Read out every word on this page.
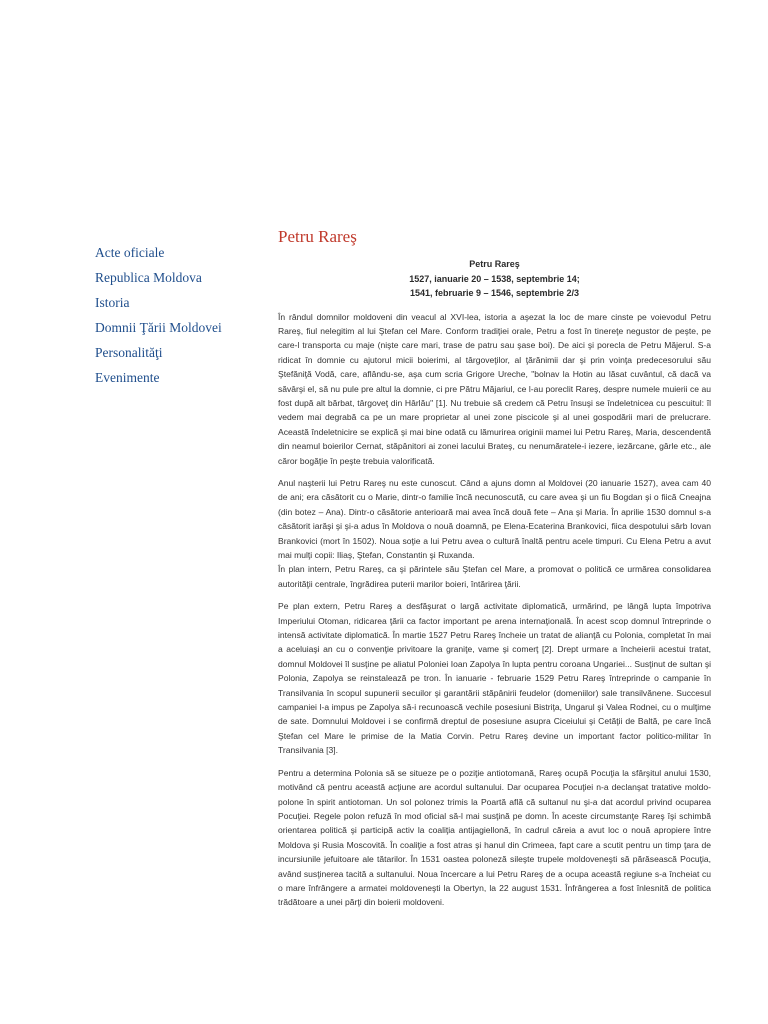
Acte oficiale
Republica Moldova
Istoria
Domnii Ţării Moldovei
Personalităţi
Evenimente
Petru Rareş
Petru Rareş
1527, ianuarie 20 – 1538, septembrie 14;
1541, februarie 9 – 1546, septembrie 2/3

În rândul domnilor moldoveni din veacul al XVI-lea, istoria a aşezat la loc de mare cinste pe voievodul Petru Rareş, fiul nelegitim al lui Ştefan cel Mare. Conform tradiţiei orale, Petru a fost în tinereţe negustor de peşte, pe care-l transporta cu maje (nişte care mari, trase de patru sau şase boi). De aici şi porecla de Petru Măjerul. S-a ridicat în domnie cu ajutorul micii boierimi, al târgoveţilor, al ţărănimii dar şi prin voinţa predecesorului său Ştefăniţă Vodă, care, aflându-se, aşa cum scria Grigore Ureche, "bolnav la Hotin au lăsat cuvântul, că dacă va săvârşi el, să nu pule pre altul la domnie, ci pre Pătru Măjariul, ce l-au poreclit Rareş, despre numele muierii ce au fost după alt bărbat, târgoveţ din Hârlău" [1]. Nu trebuie să credem că Petru însuşi se îndeletnicea cu pescuitul: îl vedem mai degrabă ca pe un mare proprietar al unei zone piscicole şi al unei gospodării mari de prelucrare. Această îndeletnicire se explică şi mai bine odată cu lămurirea originii mamei lui Petru Rareş, Maria, descendentă din neamul boierilor Cernat, stăpânitori ai zonei lacului Brateş, cu nenumăratele-i iezere, iezărcane, gârle etc., ale căror bogăţie în peşte trebuia valorificată.

Anul naşterii lui Petru Rareş nu este cunoscut. Când a ajuns domn al Moldovei (20 ianuarie 1527), avea cam 40 de ani; era căsătorit cu o Marie, dintr-o familie încă necunoscută, cu care avea şi un fiu Bogdan şi o fiică Cneajna (din botez – Ana). Dintr-o căsătorie anterioară mai avea încă două fete – Ana şi Maria. În aprilie 1530 domnul s-a căsătorit iarăşi şi şi-a adus în Moldova o nouă doamnă, pe Elena-Ecaterina Brankovici, fiica despotului sârb Iovan Brankovici (mort în 1502). Noua soţie a lui Petru avea o cultură înaltă pentru acele timpuri. Cu Elena Petru a avut mai mulţi copii: Iliaş, Ştefan, Constantin şi Ruxanda.
În plan intern, Petru Rareş, ca şi părintele său Ştefan cel Mare, a promovat o politică ce urmărea consolidarea autorităţii centrale, îngrădirea puterii marilor boieri, întărirea ţării.

Pe plan extern, Petru Rareş a desfăşurat o largă activitate diplomatică, urmărind, pe lângă lupta împotriva Imperiului Otoman, ridicarea ţării ca factor important pe arena internaţională. În acest scop domnul întreprinde o intensă activitate diplomatică. În martie 1527 Petru Rareş încheie un tratat de alianţă cu Polonia, completat în mai a aceluiaşi an cu o convenţie privitoare la graniţe, vame şi comerţ [2]. Drept urmare a încheierii acestui tratat, domnul Moldovei îl susţine pe aliatul Poloniei Ioan Zapolya în lupta pentru coroana Ungariei... Susţinut de sultan şi Polonia, Zapolya se reinstalează pe tron. În ianuarie - februarie 1529 Petru Rareş întreprinde o campanie în Transilvania în scopul supunerii secuilor şi garantării stăpânirii feudelor (domeniilor) sale transilvănene. Succesul campaniei l-a impus pe Zapolya să-i recunoască vechile posesiuni Bistriţa, Ungarul şi Valea Rodnei, cu o mulţime de sate. Domnului Moldovei i se confirmă dreptul de posesiune asupra Ciceiului şi Cetăţii de Baltă, pe care încă Ştefan cel Mare le primise de la Matia Corvin. Petru Rareş devine un important factor politico-militar în Transilvania [3].

Pentru a determina Polonia să se situeze pe o poziţie antiotomană, Rareş ocupă Pocuţia la sfârşitul anului 1530, motivând că pentru această acţiune are acordul sultanului. Dar ocuparea Pocuţiei n-a declanşat tratative moldo-polone în spirit antiotoman. Un sol polonez trimis la Poartă află că sultanul nu şi-a dat acordul privind ocuparea Pocuţiei. Regele polon refuză în mod oficial să-l mai susţină pe domn. În aceste circumstanţe Rareş îşi schimbă orientarea politică şi participă activ la coaliţia antijagiellonă, în cadrul căreia a avut loc o nouă apropiere între Moldova şi Rusia Moscovită. În coaliţie a fost atras şi hanul din Crimeea, fapt care a scutit pentru un timp ţara de incursiunile jefuitoare ale tătarilor. În 1531 oastea poloneză sileşte trupele moldoveneşti să părăsească Pocuţia, având susţinerea tacită a sultanului. Noua încercare a lui Petru Rareş de a ocupa această regiune s-a încheiat cu o mare înfrângere a armatei moldoveneşti la Obertyn, la 22 august 1531. Înfrângerea a fost înlesnită de politica trădătoare a unei părţi din boierii moldoveni.
